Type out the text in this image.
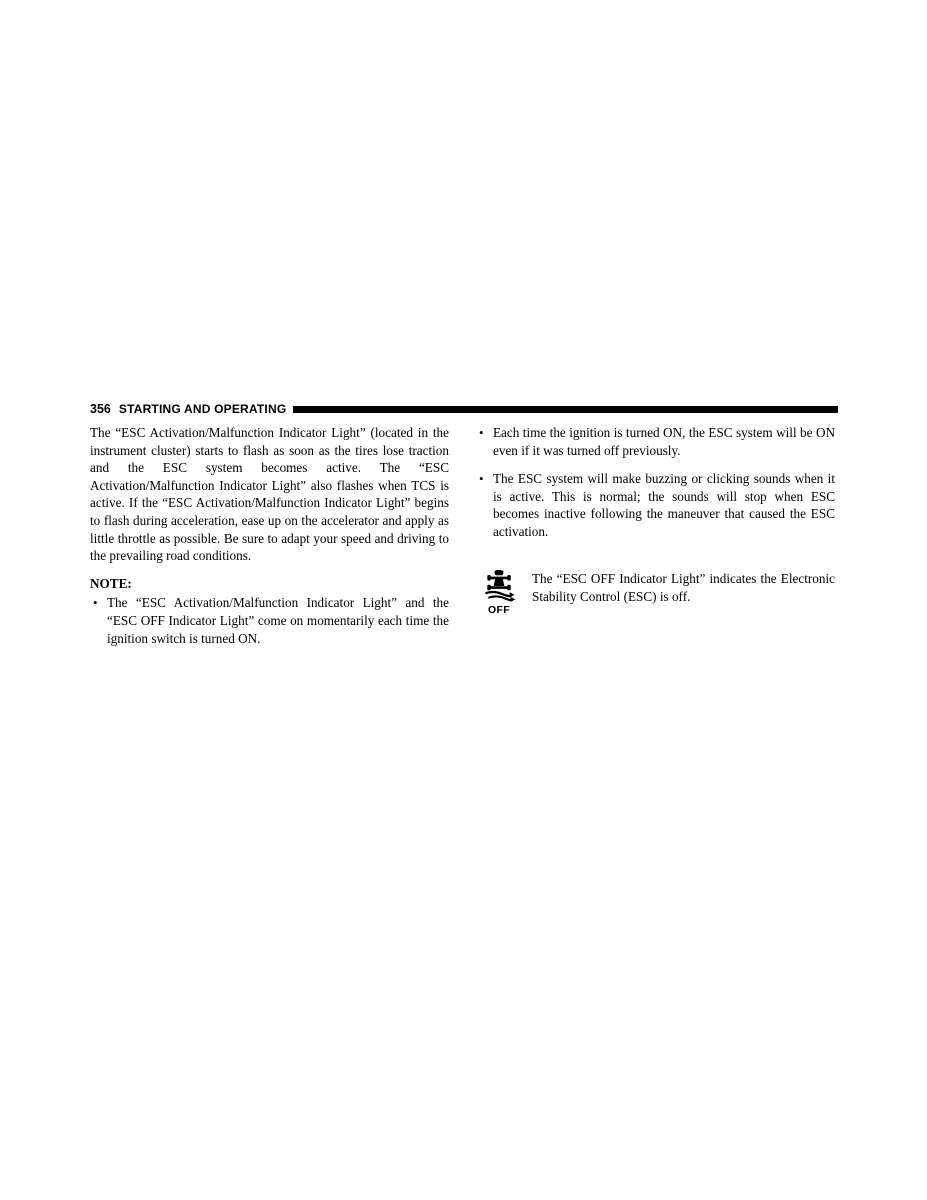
356 STARTING AND OPERATING

The “ESC Activation/Malfunction Indicator Light” (located in the instrument cluster) starts to flash as soon as the tires lose traction and the ESC system becomes active. The “ESC Activation/Malfunction Indicator Light” also flashes when TCS is active. If the “ESC Activation/Malfunction Indicator Light” begins to flash during acceleration, ease up on the accelerator and apply as little throttle as possible. Be sure to adapt your speed and driving to the prevailing road conditions.

NOTE:
• The “ESC Activation/Malfunction Indicator Light” and the “ESC OFF Indicator Light” come on momentarily each time the ignition switch is turned ON.
• Each time the ignition is turned ON, the ESC system will be ON even if it was turned off previously.
• The ESC system will make buzzing or clicking sounds when it is active. This is normal; the sounds will stop when ESC becomes inactive following the maneuver that caused the ESC activation.
OFF
The “ESC OFF Indicator Light” indicates the Electronic Stability Control (ESC) is off.
